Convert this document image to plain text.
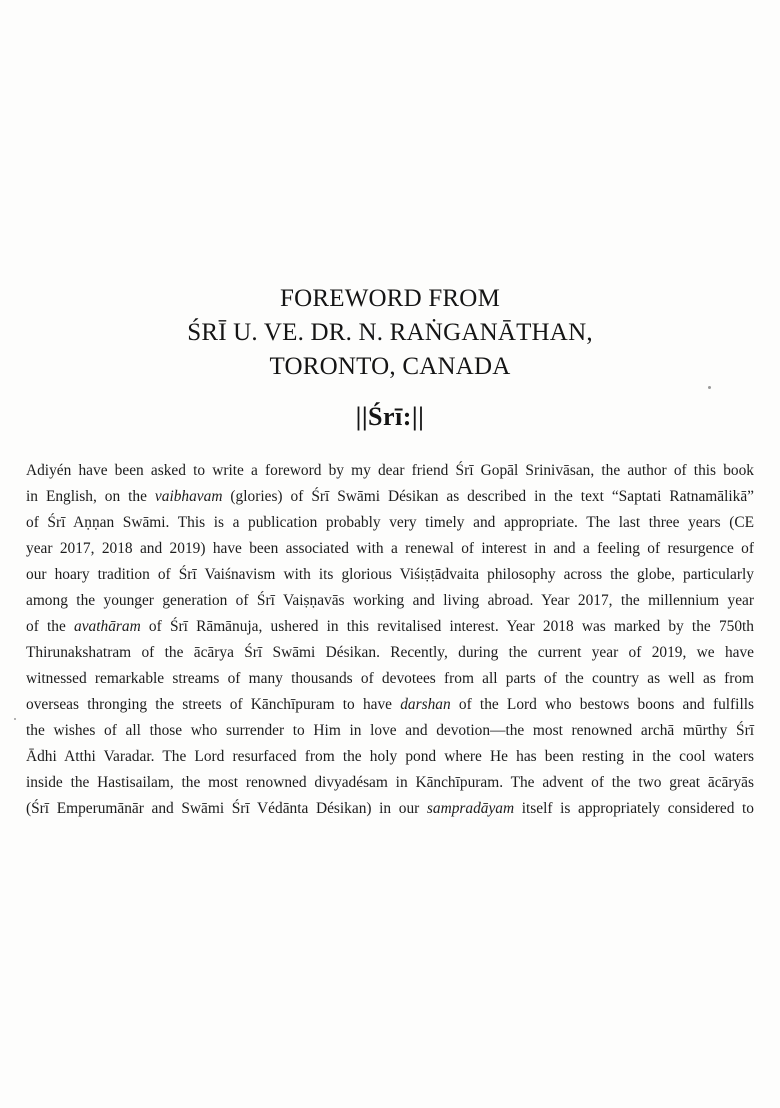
FOREWORD FROM
ŚRĪ U. VE. DR. N. RAṄGANĀTHAN,
TORONTO, CANADA
||Śrī:||
Adiyén have been asked to write a foreword by my dear friend Śrī Gopāl Srinivāsan, the author of this book
in English, on the vaibhavam (glories) of Śrī Swāmi Désikan as described in the text “Saptati Ratnamālikā”
of Śrī Aṇṇan Swāmi. This is a publication probably very timely and appropriate. The last three years (CE
year 2017, 2018 and 2019) have been associated with a renewal of interest in and a feeling of resurgence of
our hoary tradition of Śrī Vaiśnavism with its glorious Viśiṣṭādvaita philosophy across the globe, particularly
among the younger generation of Śrī Vaiṣṇavās working and living abroad. Year 2017, the millennium year
of the avathāram of Śrī Rāmānuja, ushered in this revitalised interest. Year 2018 was marked by the 750th
Thirunakshatram of the ācārya Śrī Swāmi Désikan. Recently, during the current year of 2019, we have
witnessed remarkable streams of many thousands of devotees from all parts of the country as well as from
overseas thronging the streets of Kānchīpuram to have darshan of the Lord who bestows boons and fulfills
the wishes of all those who surrender to Him in love and devotion—the most renowned archā mūrthy Śrī
Ādhi Atthi Varadar. The Lord resurfaced from the holy pond where He has been resting in the cool waters
inside the Hastisailam, the most renowned divyadésam in Kānchīpuram. The advent of the two great ācāryās
(Śrī Emperumānār and Swāmi Śrī Védānta Désikan) in our sampradāyam itself is appropriately considered to
